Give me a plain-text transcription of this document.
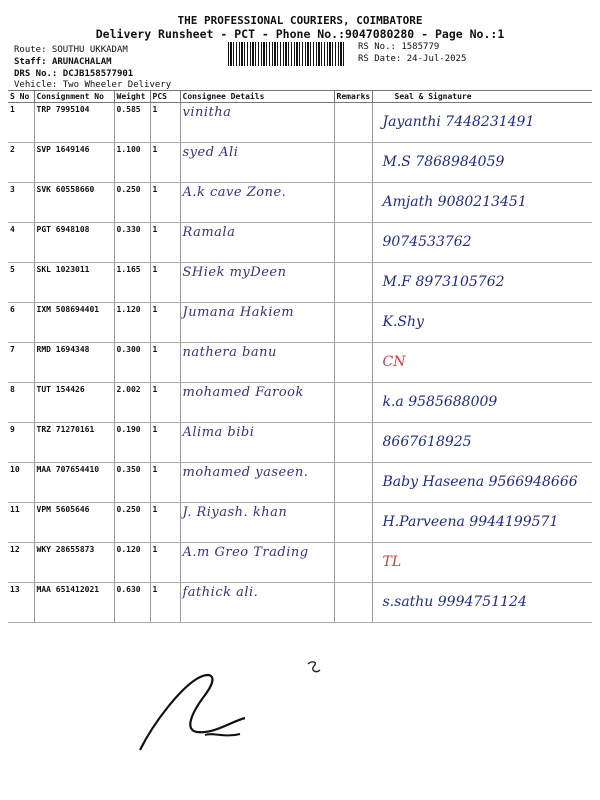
THE PROFESSIONAL COURIERS, COIMBATORE
Delivery Runsheet - PCT - Phone No.:9047080280 - Page No.:1
Route: SOUTHU UKKADAM
Staff: ARUNACHALAM
DRS No.: DCJB158577901
Vehicle: Two Wheeler Delivery
RS No.: 1585779
RS Date: 24-Jul-2025
S No	Consignment No	Weight	PCS	Consignee Details	Remarks	Seal & Signature
1	TRP 7995104	0.585	1	vinitha		Jayanthi 7448231491
2	SVP 1649146	1.100	1	syed Ali		M.S 7868984059
3	SVK 60558660	0.250	1	A.k cave Zone.		Amjath 9080213451
4	PGT 6948108	0.330	1	Ramala		9074533762
5	SKL 1023011	1.165	1	SHiek myDeen		M.F 8973105762
6	IXM 508694401	1.120	1	Jumana Hakiem		K.Shy
7	RMD 1694348	0.300	1	nathera banu		CN
8	TUT 154426	2.002	1	mohamed Farook		k.a 9585688009
9	TRZ 71270161	0.190	1	Alima bibi		8667618925
10	MAA 707654410	0.350	1	mohamed yaseen.		Baby Haseena 9566948666
11	VPM 5605646	0.250	1	J. Riyash. khan		H.Parveena 9944199571
12	WKY 28655873	0.120	1	A.m Greo Trading		TL
13	MAA 651412021	0.630	1	fathick ali.		s.sathu 9994751124
